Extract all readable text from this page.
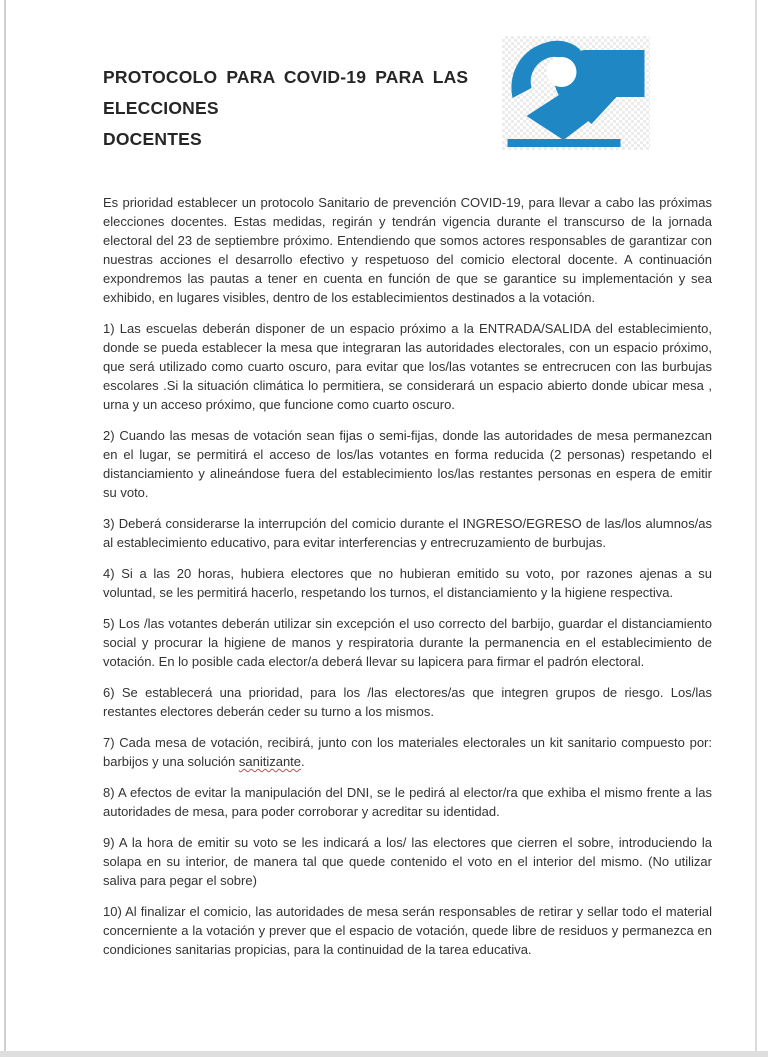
PROTOCOLO PARA COVID-19 PARA LAS ELECCIONES
DOCENTES

Es prioridad establecer un protocolo Sanitario de prevención COVID-19, para llevar a cabo las próximas elecciones docentes. Estas medidas, regirán y tendrán vigencia durante el transcurso de la jornada electoral del 23 de septiembre próximo. Entendiendo que somos actores responsables de garantizar con nuestras acciones el desarrollo efectivo y respetuoso del comicio electoral docente. A continuación expondremos las pautas a tener en cuenta en función de que se garantice su implementación y sea exhibido, en lugares visibles, dentro de los establecimientos destinados a la votación.

1) Las escuelas deberán disponer de un espacio próximo a la ENTRADA/SALIDA del establecimiento, donde se pueda establecer la mesa que integraran las autoridades electorales, con un espacio próximo, que será utilizado como cuarto oscuro, para evitar que los/las votantes se entrecrucen con las burbujas escolares .Si la situación climática lo permitiera, se considerará un espacio abierto donde ubicar mesa , urna y un acceso próximo, que funcione como cuarto oscuro.

2) Cuando las mesas de votación sean fijas o semi-fijas, donde las autoridades de mesa permanezcan en el lugar, se permitirá el acceso de los/las votantes en forma reducida (2 personas) respetando el distanciamiento y alineándose fuera del establecimiento los/las restantes personas en espera de emitir su voto.

3) Deberá considerarse la interrupción del comicio durante el INGRESO/EGRESO de las/los alumnos/as al establecimiento educativo, para evitar interferencias y entrecruzamiento de burbujas.

4) Si a las 20 horas, hubiera electores que no hubieran emitido su voto, por razones ajenas a su voluntad, se les permitirá hacerlo, respetando los turnos, el distanciamiento y la higiene respectiva.

5) Los /las votantes deberán utilizar sin excepción el uso correcto del barbijo, guardar el distanciamiento social y procurar la higiene de manos y respiratoria durante la permanencia en el establecimiento de votación. En lo posible cada elector/a deberá llevar su lapicera para firmar el padrón electoral.

6) Se establecerá una prioridad, para los /las electores/as que integren grupos de riesgo. Los/las restantes electores deberán ceder su turno a los mismos.

7) Cada mesa de votación, recibirá, junto con los materiales electorales un kit sanitario compuesto por: barbijos y una solución sanitizante.

8) A efectos de evitar la manipulación del DNI, se le pedirá al elector/ra que exhiba el mismo frente a las autoridades de mesa, para poder corroborar y acreditar su identidad.

9) A la hora de emitir su voto se les indicará a los/ las electores que cierren el sobre, introduciendo la solapa en su interior, de manera tal que quede contenido el voto en el interior del mismo. (No utilizar saliva para pegar el sobre)

10) Al finalizar el comicio, las autoridades de mesa serán responsables de retirar y sellar todo el material concerniente a la votación y prever que el espacio de votación, quede libre de residuos y permanezca en condiciones sanitarias propicias, para la continuidad de la tarea educativa.
